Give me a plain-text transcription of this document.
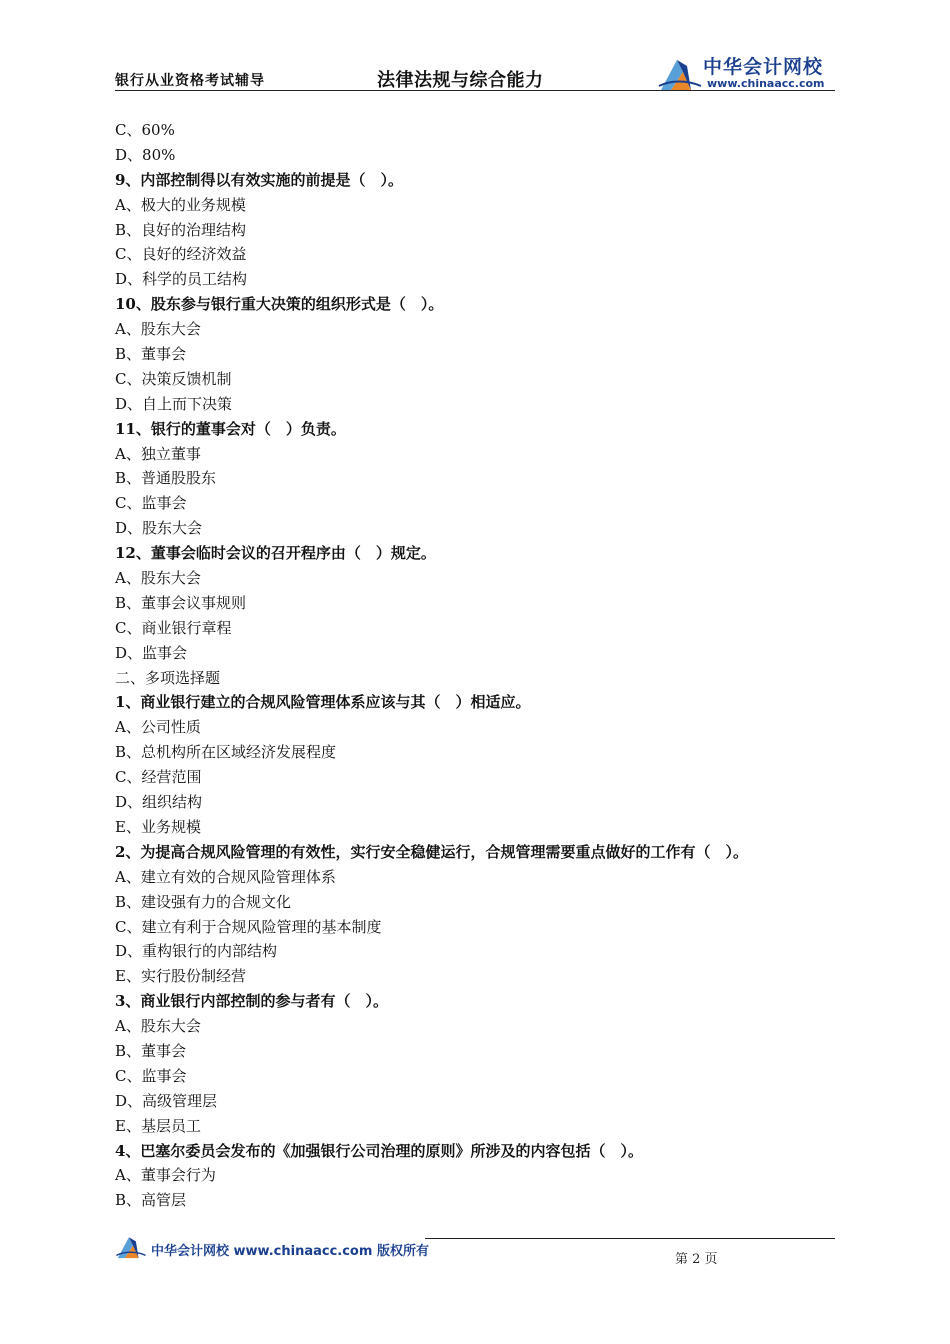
银行从业资格考试辅导	法律法规与综合能力
中华会计网校
www.chinaacc.com
C、60%
D、80%
9、内部控制得以有效实施的前提是（　）。
A、极大的业务规模
B、良好的治理结构
C、良好的经济效益
D、科学的员工结构
10、股东参与银行重大决策的组织形式是（　）。
A、股东大会
B、董事会
C、决策反馈机制
D、自上而下决策
11、银行的董事会对（　）负责。
A、独立董事
B、普通股股东
C、监事会
D、股东大会
12、董事会临时会议的召开程序由（　）规定。
A、股东大会
B、董事会议事规则
C、商业银行章程
D、监事会
二、多项选择题
1、商业银行建立的合规风险管理体系应该与其（　）相适应。
A、公司性质
B、总机构所在区域经济发展程度
C、经营范围
D、组织结构
E、业务规模
2、为提高合规风险管理的有效性，实行安全稳健运行，合规管理需要重点做好的工作有（　）。
A、建立有效的合规风险管理体系
B、建设强有力的合规文化
C、建立有利于合规风险管理的基本制度
D、重构银行的内部结构
E、实行股份制经营
3、商业银行内部控制的参与者有（　）。
A、股东大会
B、董事会
C、监事会
D、高级管理层
E、基层员工
4、巴塞尔委员会发布的《加强银行公司治理的原则》所涉及的内容包括（　）。
A、董事会行为
B、高管层
中华会计网校 www.chinaacc.com 版权所有
第 2 页
